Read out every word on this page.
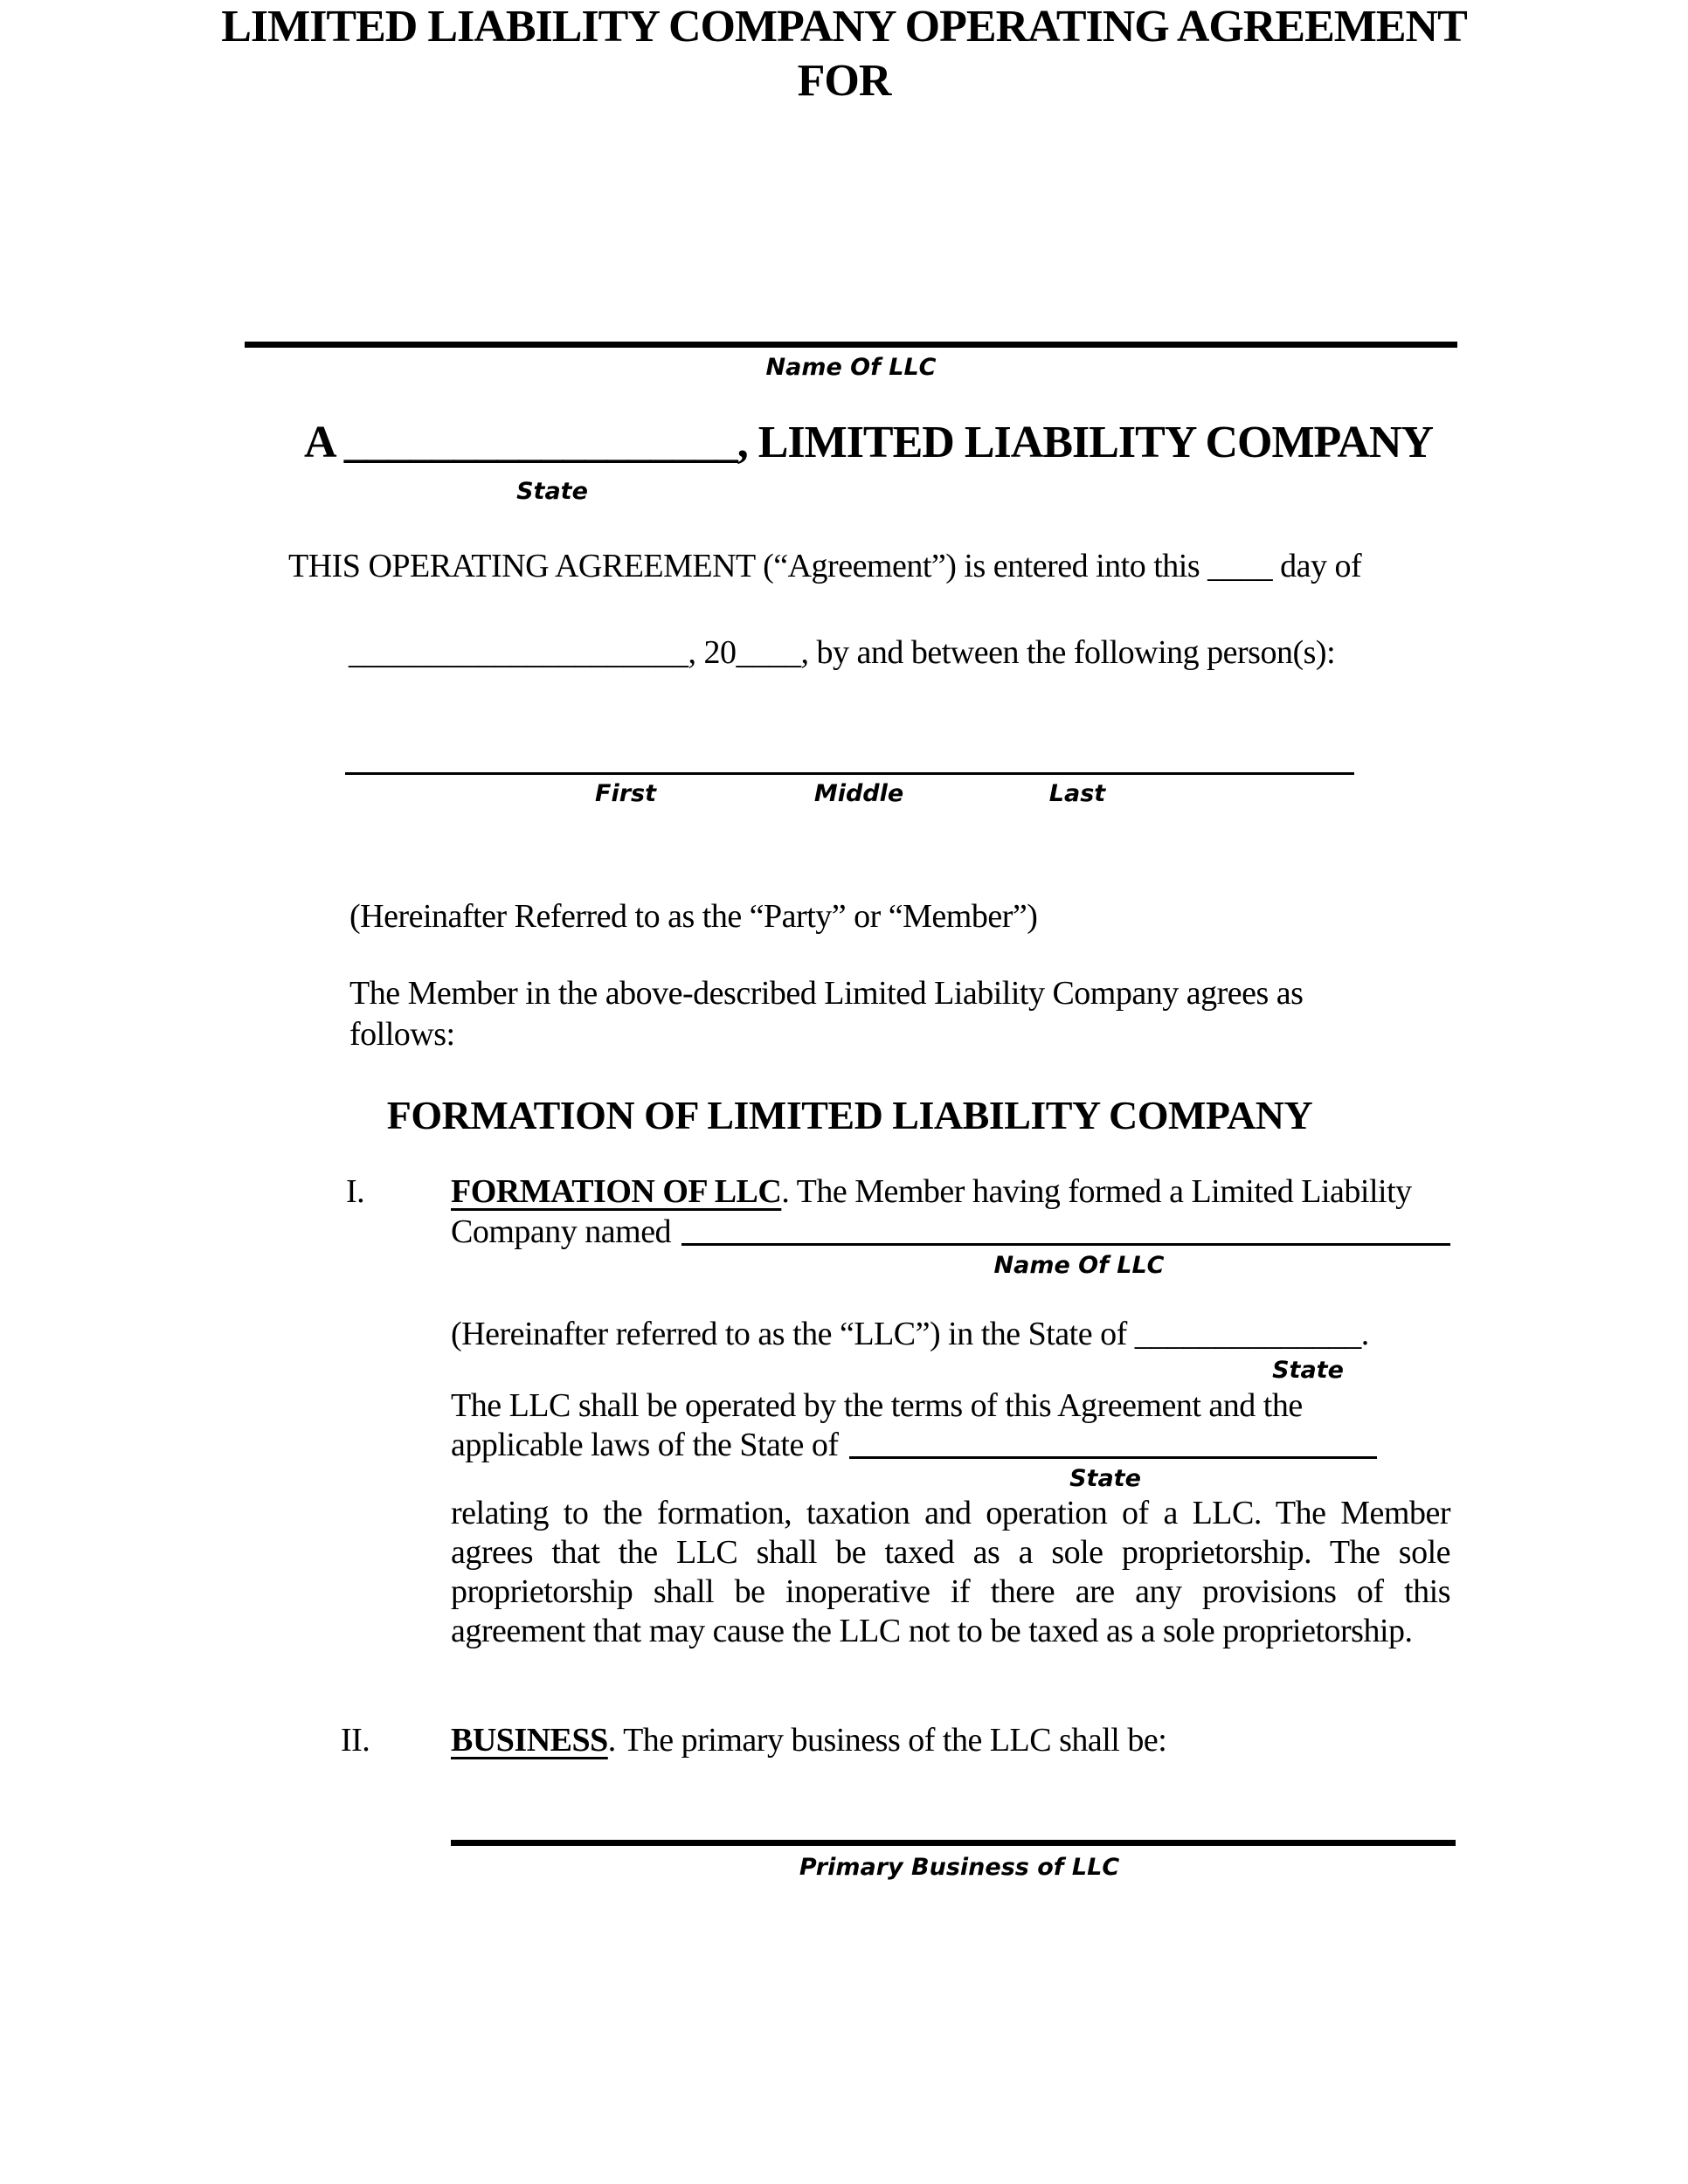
LIMITED LIABILITY COMPANY OPERATING AGREEMENT
FOR
Name Of LLC
A __________________, LIMITED LIABILITY COMPANY
State
THIS OPERATING AGREEMENT (“Agreement”) is entered into this ____ day of
_____________________, 20____, by and between the following person(s):
First	Middle	Last
(Hereinafter Referred to as the “Party” or “Member”)
The Member in the above-described Limited Liability Company agrees as follows:
FORMATION OF LIMITED LIABILITY COMPANY
I.	FORMATION OF LLC. The Member having formed a Limited Liability
Company named
Name Of LLC
(Hereinafter referred to as the “LLC”) in the State of ______________.
State
The LLC shall be operated by the terms of this Agreement and the
applicable laws of the State of
State
relating to the formation, taxation and operation of a LLC. The Member agrees that the LLC shall be taxed as a sole proprietorship. The sole proprietorship shall be inoperative if there are any provisions of this agreement that may cause the LLC not to be taxed as a sole proprietorship.
II. BUSINESS. The primary business of the LLC shall be:
Primary Business of LLC
